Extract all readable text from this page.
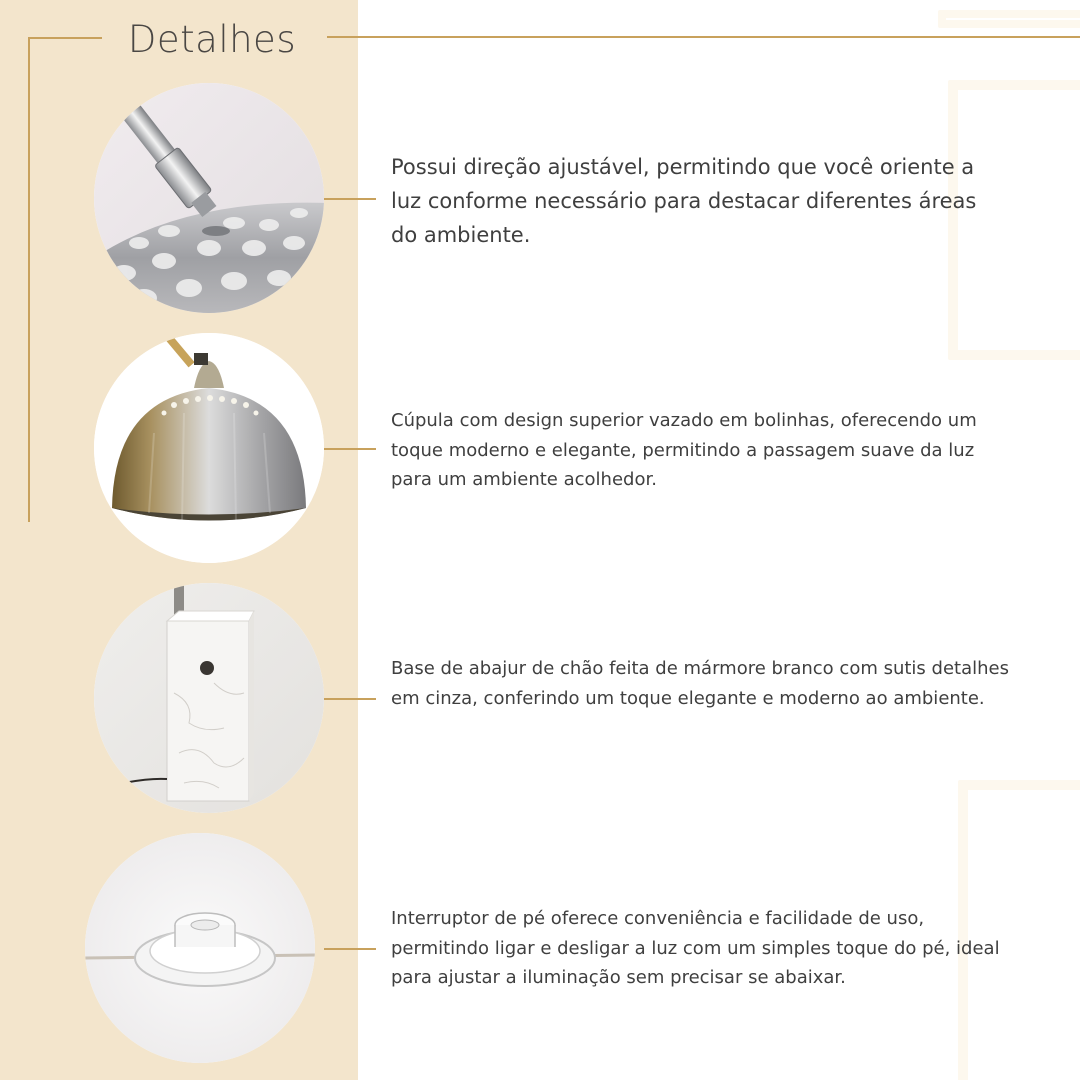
Detalhes
Possui direção ajustável, permitindo que você oriente a luz conforme necessário para destacar diferentes áreas do ambiente.
Cúpula com design superior vazado em bolinhas, oferecendo um toque moderno e elegante, permitindo a passagem suave da luz para um ambiente acolhedor.
Base de abajur de chão feita de mármore branco com sutis detalhes em cinza, conferindo um toque elegante e moderno ao ambiente.
Interruptor de pé oferece conveniência e facilidade de uso, permitindo ligar e desligar a luz com um simples toque do pé, ideal para ajustar a iluminação sem precisar se abaixar.
